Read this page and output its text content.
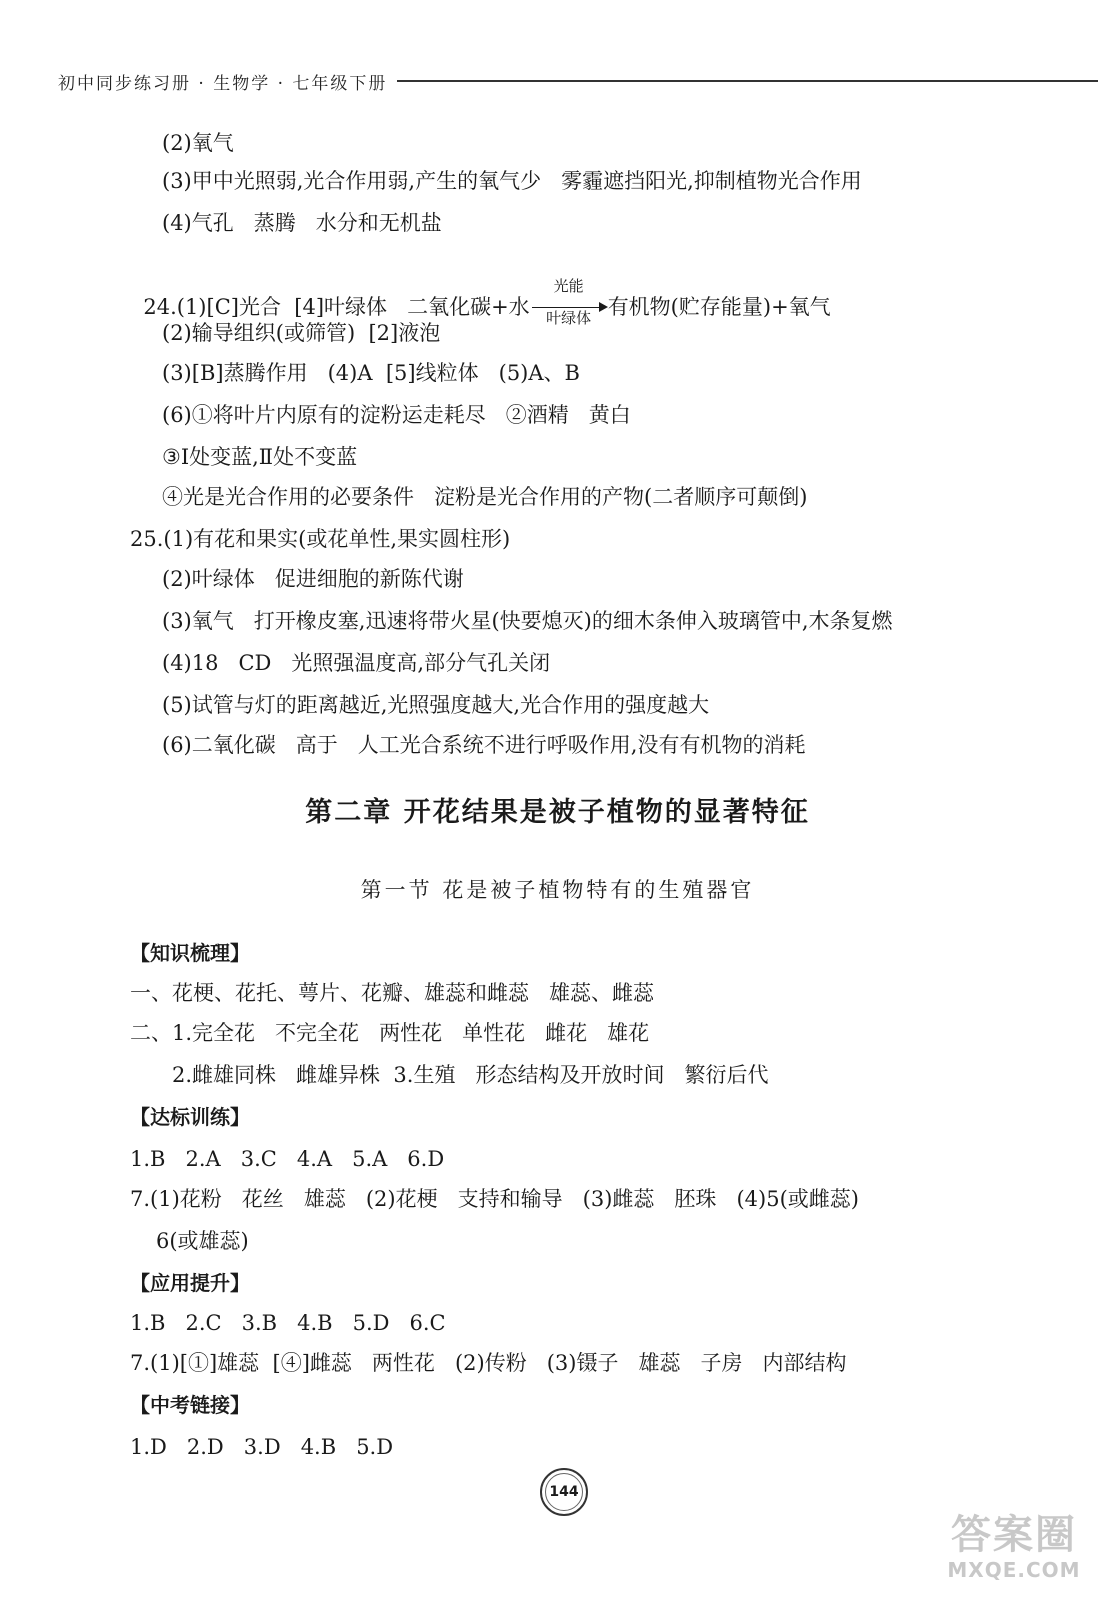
初中同步练习册 · 生物学 · 七年级下册
(2)氧气
(3)甲中光照弱,光合作用弱,产生的氧气少   雾霾遮挡阳光,抑制植物光合作用
(4)气孔   蒸腾   水分和无机盐

24.(1)[C]光合  [4]叶绿体   二氧化碳+水
光能
叶绿体 有机物(贮存能量)+氧气

(2)输导组织(或筛管)  [2]液泡
(3)[B]蒸腾作用   (4)A  [5]线粒体   (5)A、B
(6)①将叶片内原有的淀粉运走耗尽   ②酒精   黄白
③Ⅰ处变蓝,Ⅱ处不变蓝
④光是光合作用的必要条件   淀粉是光合作用的产物(二者顺序可颠倒)
25.(1)有花和果实(或花单性,果实圆柱形)
(2)叶绿体   促进细胞的新陈代谢
(3)氧气   打开橡皮塞,迅速将带火星(快要熄灭)的细木条伸入玻璃管中,木条复燃
(4)18   CD   光照强温度高,部分气孔关闭
(5)试管与灯的距离越近,光照强度越大,光合作用的强度越大
(6)二氧化碳   高于   人工光合系统不进行呼吸作用,没有有机物的消耗
第二章 开花结果是被子植物的显著特征
第一节 花是被子植物特有的生殖器官
【知识梳理】
一、花梗、花托、萼片、花瓣、雄蕊和雌蕊   雄蕊、雌蕊
二、1.完全花   不完全花   两性花   单性花   雌花   雄花
2.雌雄同株   雌雄异株  3.生殖   形态结构及开放时间   繁衍后代
【达标训练】
1.B   2.A   3.C   4.A   5.A   6.D
7.(1)花粉   花丝   雄蕊   (2)花梗   支持和输导   (3)雌蕊   胚珠   (4)5(或雌蕊)
6(或雄蕊)
【应用提升】
1.B   2.C   3.B   4.B   5.D   6.C
7.(1)[①]雄蕊  [④]雌蕊   两性花   (2)传粉   (3)镊子   雄蕊   子房   内部结构
【中考链接】
1.D   2.D   3.D   4.B   5.D
144
答案圈
MXQE.COM
